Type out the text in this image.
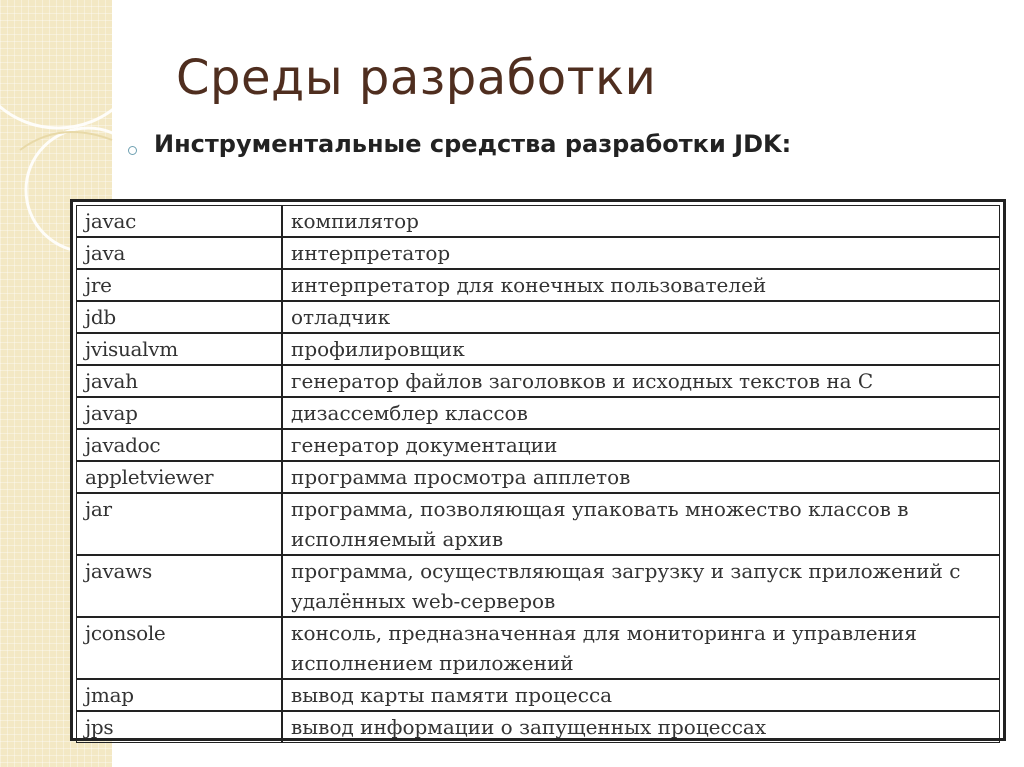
Среды разработки

Инструментальные средства разработки JDK:

javac	компилятор
java	интерпретатор
jre	интерпретатор для конечных пользователей
jdb	отладчик
jvisualvm	профилировщик
javah	генератор файлов заголовков и исходных текстов на С
javap	дизассемблер классов
javadoc	генератор документации
appletviewer	программа просмотра апплетов
jar	программа, позволяющая упаковать множество классов в исполняемый архив
javaws	программа, осуществляющая загрузку и запуск приложений с удалённых web-серверов
jconsole	консоль, предназначенная для мониторинга и управления исполнением приложений
jmap	вывод карты памяти процесса
jps	вывод информации о запущенных процессах
